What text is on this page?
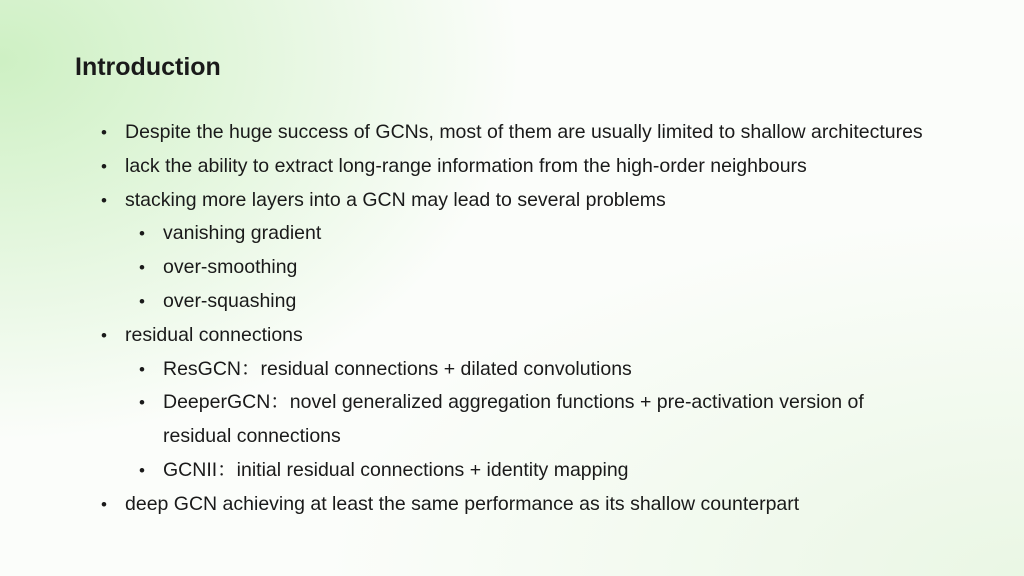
Introduction
• Despite the huge success of GCNs, most of them are usually limited to shallow architectures
• lack the ability to extract long-range information from the high-order neighbours
• stacking more layers into a GCN may lead to several problems
• vanishing gradient
• over-smoothing
• over-squashing
• residual connections
• ResGCN：residual connections + dilated convolutions
• DeeperGCN：novel generalized aggregation functions + pre-activation version of
residual connections
• GCNII：initial residual connections + identity mapping
• deep GCN achieving at least the same performance as its shallow counterpart
